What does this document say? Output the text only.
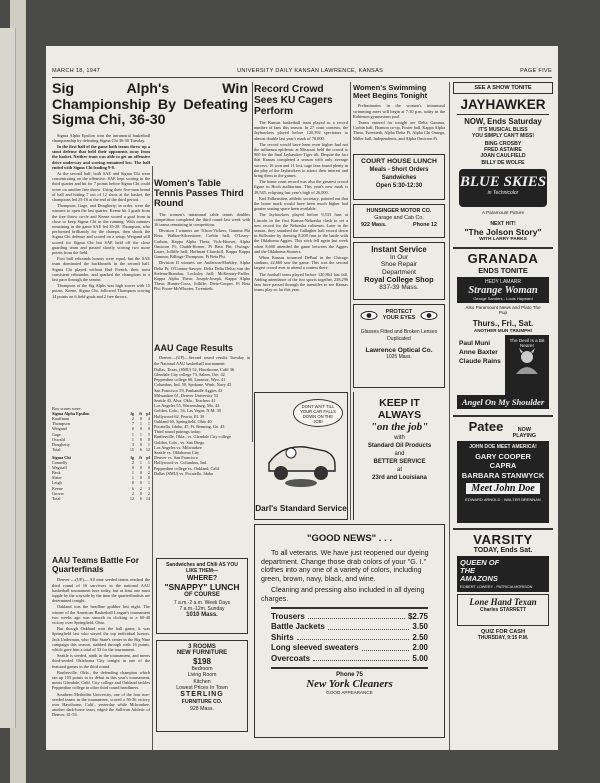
MARCH 18, 1947	UNIVERSITY DAILY KANSAN LAWRENCE, KANSAS	PAGE FIVE
Sig Alph's Win Championship By Defeating Sigma Chi, 36-30

Sigma Alpha Epsilon won the intramural basketball championship by defeating Sigma Chi 36-30 Tuesday.

In the first half of the game both teams threw up a stout defense that held their opponents away from the basket. Neither team was able to get an offensive drive underway and scoring remained low. The half ended with Sigma Chi leading 9-8.

At the second half, both SAE and Sigma Chi were concentrating on the offensive. SAE kept scoring in the third quarter and hit for 7 points before Sigma Chi could score on another free throw. Using their five-man brand of ball and hitting 7 out of 12 shots at the basket, the champions led 25-16 at the end of the third period.

Thompson, Gage, and Dougherty, in order, were the winners to open the last quarter. Keene hit 3 goals from the free throw circle and Keene scored a goal from in close to keep Sigma Chi in the running. With minutes remaining in the game SAE led 35-28. Thompson, who performed brilliantly for the champs, then shook the Sigma Chi defense and scored on a setup. Weigand still scored for Sigma Chi but SAE held off the close guarding team and passed shortly scoring two more points from the field.

First half rebounds honors were equal, but the SAE team dominated the backboards in the second half. Sigma Chi played without Bud French, their most consistent rebounder, and sparked the champions to a fast pace through the season.

Thompson of the Sig Alphs was high scorer with 15 points. Keene, Sigma Chi, followed Thompson scoring 14 points on 6 field goals and 2 free throws.

Box scores were:
Sigma Alpha Epsilon	fg	ft	pf
Kauffman	2	0	4
Thompson	7	1	1
Weigand	0	0	0
Gage	1	1	5
Oswald	1	0	0
Dougherty	3	0	1
Total	15	6	12
Sigma Chi	fg	ft	pf
Connelly	2	1	1
Wagstaff	0	0	0
Beck	1	0	2
Slater	1	0	0
Leigh	0	0	1
Keene	6	2	3
Grover	2	0	2
Total	12	6	14
AAU Teams Battle For Quarterfinals

Denver —(UP)— All nine seeded teams reached the third round of 16 survivors in the national AAU basketball tournament here today, but at least one must topple by the wayside by the time the quarterfinalists are determined tonight.

Oakland was the headline grabber last night. The winner of the American Basketball League's tournament two weeks ago was smooth in clicking to a 60-40 victory over Springfield, Ohio.

But though Oakland won the ball game, it was Springfield last who stayed the top individual honors. Jack Underman, who Ohio State's center in the Big Nine campaign this season, stabbed through with 16 points, which gave him a total of 33 for the tournament.

Seattle is seeded, ninth in the tournament, and meets third-seeded Oklahoma City tonight in one of the featured games in the third round.

Bartlesville, Okla., the defending champion which ran up 103 points in its debut in this year's tournament, meets Glendale, Calif. City college and Oakland tackles Pepperdine college in other third round headliners.

Southern Methodist University, one of the four non-seeded teams in the tournament, scored a 56-36 victory over Hawthorne, Calif., yesterday while Milwaukee, another dark-horse team, edged the Sullivan Athletic of Denver, 61-53.

Women's Table Tennis Passes Third Round

The women's intramural table tennis doubles competition completed the third round last week with 16 teams remaining in competition.

Division I winners are Tilson-Vickers, Gamma Phi Beta; Walker-Silverstone, Corbin hall; O'Leary-Carlson, Kappa Alpha Theta; Vick-Hoover, Alpha Omicron Pi; Chubb-Horner, Pi Beta Phi; Owings-Lauer, Jolliffe hall; Hoffman-Churchill, Kappa Kappa Gamma; Billings-Thompson, Pi Beta Phi.

Division II winners are Anderson-Markley, Alpha Delta Pi; O'Connor-Sawyer, Delta Delta Delta; van der Sielenn-Brandau, Locksley hall; McKenney-Fadler, Kappa Alpha Theta; Joseph-Joseph, Kappa Alpha Theta; Hunter-Cross, Jolliffe; Dietz-Cooper, Pi Beta Phi; Poore-McWhorter, Twentieth.

AAU Cage Results

Denver—(UP)—Second round results Tuesday in the National AAU basketball tournament:

Dallas, Texas, (SMU) 52, Hawthorne, Calif 36
Glendale City college 73, Salem, Ore. 42
Pepperdine college 66, Laramie, Wyo. 41
Columbus, Ind. 50, Spokane, Wash. Navy 45
San Francisco 59, Panhandle Aggies 43
Milwaukee 61, Denver University 53
Seattle 43, Alva, Okla., Teachers 41
Los Angeles 55, Warrensburg, Mo. 43
Golden, Colo., 54, Las Vegas, N.M. 30
Hollywood 62, Peoria, Ill. 39
Oakland 60, Springfield, Ohio 40
Pocatello, Idaho, 47, Ft. Benning, Ga. 43
Third round pairings today:
Bartlesville, Okla., vs. Glendale City college
Golden, Colo., vs. San Diego
Los Angeles vs. Milwaukee
Seattle vs. Oklahoma City
Denver vs. San Francisco
Hollywood vs. Columbus, Ind.
Pepperdine college vs. Oakland, Calif.
Dallas (SMU) vs. Pocatello, Idaho
Sandwiches and Chili AS YOU LIKE THEM—
WHERE?
"SNAPPY" LUNCH
OF COURSE
7 a.m.-2 a.m. Week Days
7 a.m.-12m. Sunday
1010 Mass.
3 ROOMS
NEW FURNITURE
$198
Bedroom
Living Room
Kitchen
Lowest Prices In Town
STERLING
FURNITURE CO.
928 Mass.
Record Crowd Sees KU Cagers Perform

The Kansas basketball team played to a record number of fans this season. In 27 court contests, the Jayhawkers played before 120,392 spectators to almost double last year's mark of 70,000.

The record would have been even higher had not the influenza epidemic at Missouri held the crowd to 900 for the final Jayhawker-Tiger tilt. Despite the fact that Kansas completed a season with only average success, 16 won and 11 lost, cage fans found plenty in the play of the Jayhawkers to attract their interest and bring them to the games.

The home court record was also the greatest crowd figure in Hoch auditorium. This year's new mark is 29,545, eclipsing last year's high of 26,000.

Earl Falkenstien, athletic secretary, pointed out that the home mark would have been much higher had greater seating space been available.

The Jayhawkers played before 9,533 fans at Lincoln in the first Kansas-Nebraska clash to set a new record for the Nebraska coliseum. Later in the season, they smashed the Gallagher hall record down in Stillwater by drawing 8,200 fans to the battle with the Oklahoma Aggies. This stick fell again last week when 8,600 attended the game between the Aggies and the Oklahoma Sooners.

When Kansas trounced DePaul in the Chicago stadium, 22,660 saw the game. This was the second largest crowd ever to attend a contest there.

The football team played before 120,864 last fall. Adding attendance of the two sports together, 238,296 fans have passed through the turnstiles to see Kansas teams play so far this year.

DONT WAIT TILL YOUR CAR FALLS DOWN ON THE JOB!
Darl's Standard Service
Women's Swimming Meet Begins Tonight

Preliminaries in the women's intramural swimming meet will begin at 7:30 p.m. today in the Robinson gymnasium pool.

Teams entered for tonight are Delta Gamma, Corbin hall, Harmon co-op, Foster hall, Kappa Alpha Theta, Twentieth, Alpha Delta Pi, Alpha Chi Omega, Miller hall, Independents, and Alpha Omicron Pi.

COURT HOUSE LUNCH
Meals - Short Orders
Sandwiches
Open 5:30-12:30
HUNSINGER MOTOR CO.
Garage and Cab Co.
922 Mass.	Phone 12
Instant Service
In Our
Shoe Repair
Department
Royal College Shop
837-39 Mass.
PROTECT YOUR EYES
Glasses Fitted and Broken Lenses Duplicated
Lawrence Optical Co.
1025 Mass.
KEEP IT ALWAYS
"on the job"
with
Standard Oil Products
and
BETTER SERVICE
at
23rd and Louisiana
"GOOD NEWS" . . .
To all veterans. We have just reopened our dyeing department. Change those drab colors of your "G. I." clothes into any one of a variety of colors, including green, brown, navy, black, and wine.
Cleaning and pressing also included in all dyeing charges.
Trousers	$2.75
Battle Jackets	3.50
Shirts	2.50
Long sleeved sweaters	2.00
Overcoats	5.00
Phone 75
New York Cleaners
GOOD APPEARANCE
SEE A SHOW TONITE
JAYHAWKER
NOW, Ends Saturday
IT'S MUSICAL BLISS
YOU SIMPLY CAN'T MISS!
BING CROSBY
FRED ASTAIRE
JOAN CAULFIELD
BILLY DE WOLFE
BLUE SKIES
in Technicolor
A Paramount Picture
NEXT HIT!
"The Jolson Story"
WITH LARRY PARKS
GRANADA
ENDS TONITE
HEDY LAMARR
Strange Woman
George Sanders - Louis Hayward
Also Paramount News and Plato The Pup
Thurs., Fri., Sat.
ANOTHER MUN TRIUMPH!
Paul Muni
Anne Baxter
Claude Rains
The Devil Is a Bit Nearer
Angel On My Shoulder
Patee	NOW PLAYING
JOHN DOE MEET AMERICA!
GARY COOPER
CAPRA
BARBARA STANWYCK
Meet John Doe
EDWARD ARNOLD - WALTER BRENNAN
VARSITY
TODAY, Ends Sat.
QUEEN OF THE AMAZONS
ROBERT LOWERY - PATRICIA MORISON
Lone Hand Texan
Charles STARRETT
QUIZ FOR CASH
THURSDAY, 9:15 P.M.
